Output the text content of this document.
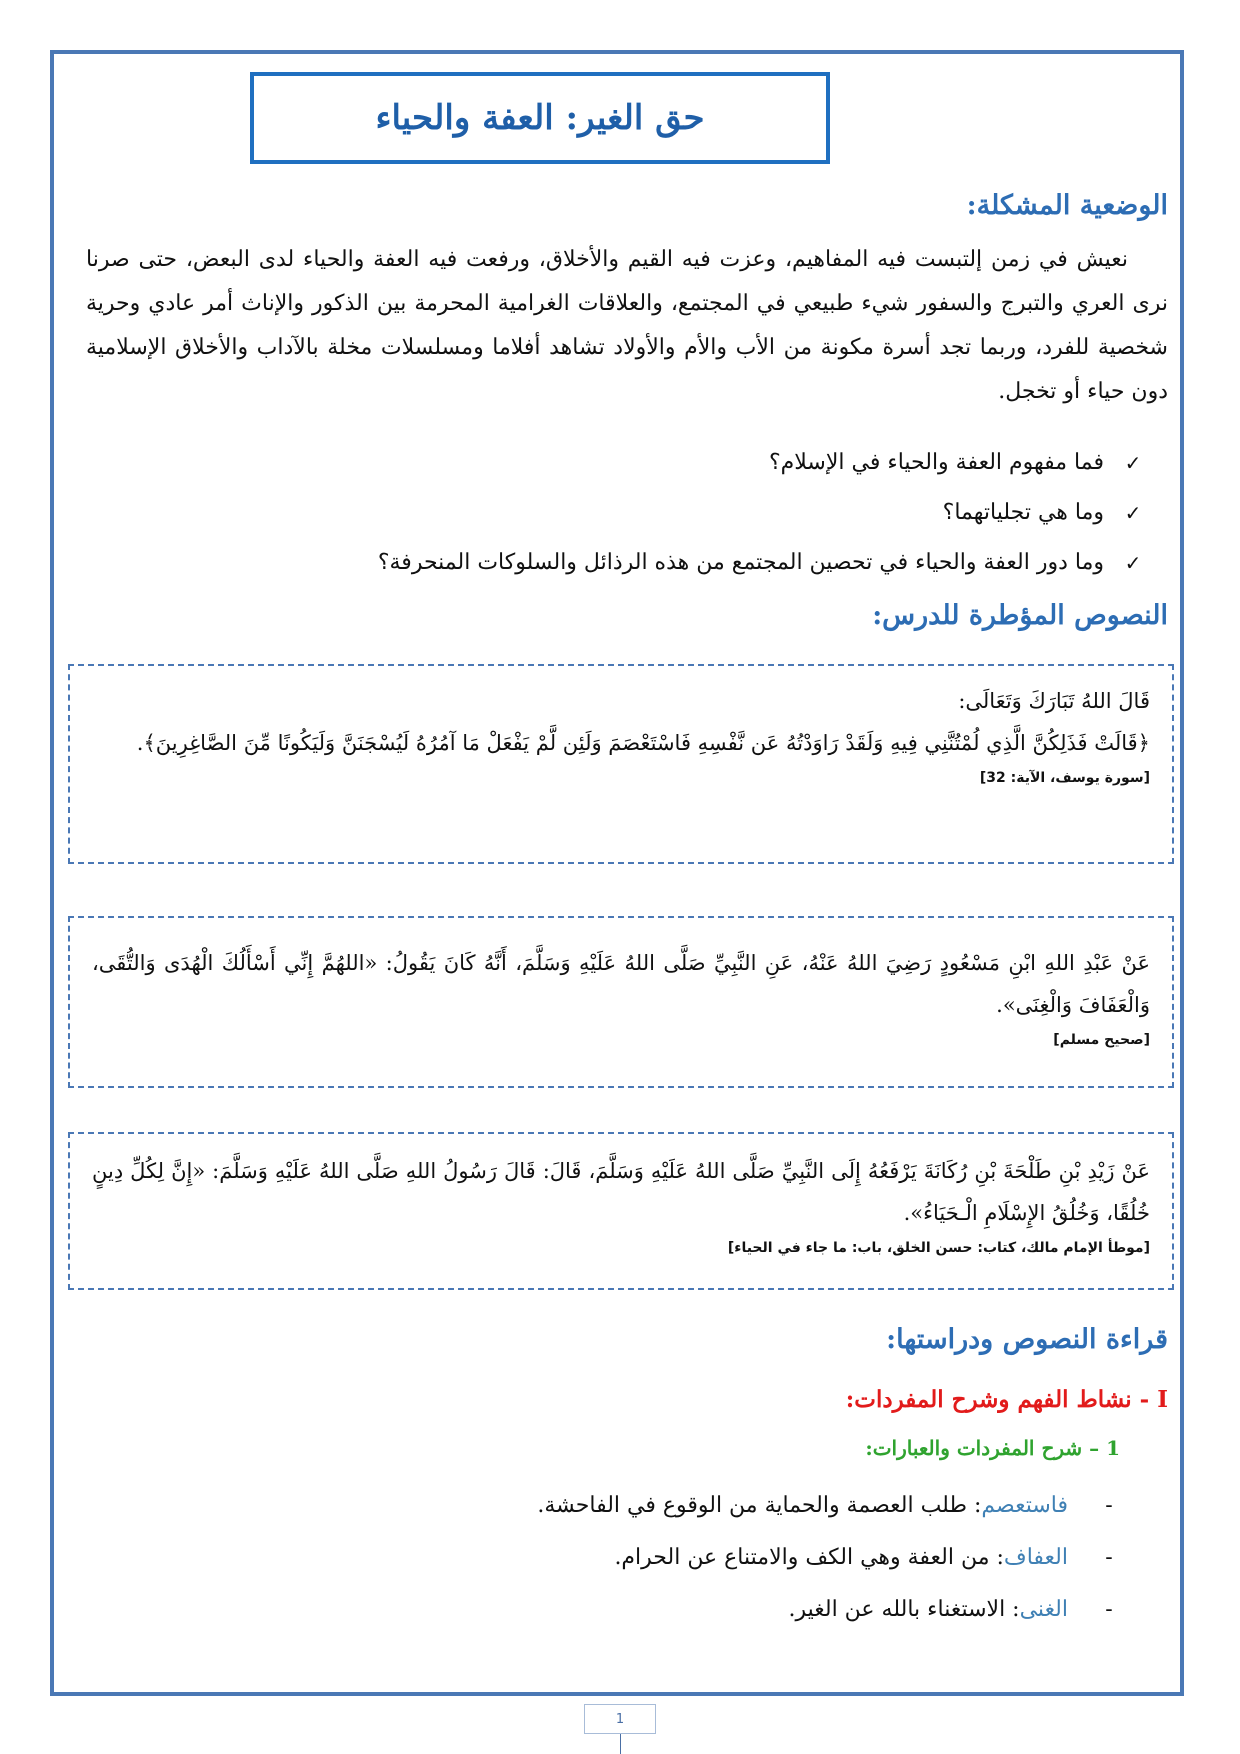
حق الغير: العفة والحياء
الوضعية المشكلة:

نعيش في زمن إلتبست فيه المفاهيم، وعزت فيه القيم والأخلاق، ورفعت فيه العفة والحياء لدى البعض، حتى صرنا نرى العري والتبرج والسفور شيء طبيعي في المجتمع، والعلاقات الغرامية المحرمة بين الذكور والإناث أمر عادي وحرية شخصية للفرد، وربما تجد أسرة مكونة من الأب والأم والأولاد تشاهد أفلاما ومسلسلات مخلة بالآداب والأخلاق الإسلامية دون حياء أو تخجل.

✓
فما مفهوم العفة والحياء في الإسلام؟
✓
وما هي تجلياتهما؟
✓
وما دور العفة والحياء في تحصين المجتمع من هذه الرذائل والسلوكات المنحرفة؟
النصوص المؤطرة للدرس:

قَالَ اللهُ تَبَارَكَ وَتَعَالَى:

﴿قَالَتْ فَذَلِكُنَّ الَّذِي لُمْتُنَّنِي فِيهِ وَلَقَدْ رَاوَدْتُهُ عَن نَّفْسِهِ فَاسْتَعْصَمَ وَلَئِن لَّمْ يَفْعَلْ مَا آمُرُهُ لَيُسْجَنَنَّ وَلَيَكُونًا مِّنَ الصَّاغِرِينَ﴾.

[سورة يوسف، الآية: 32]

عَنْ عَبْدِ اللهِ ابْنِ مَسْعُودٍ رَضِيَ اللهُ عَنْهُ، عَنِ النَّبِيِّ صَلَّى اللهُ عَلَيْهِ وَسَلَّمَ، أَنَّهُ كَانَ يَقُولُ: «اللهُمَّ إِنِّي أَسْأَلُكَ الْهُدَى وَالتُّقَى، وَالْعَفَافَ وَالْغِنَى».

[صحيح مسلم]

عَنْ زَيْدِ بْنِ طَلْحَةَ بْنِ رُكَانَةَ يَرْفَعُهُ إِلَى النَّبِيِّ صَلَّى اللهُ عَلَيْهِ وَسَلَّمَ، قَالَ: قَالَ رَسُولُ اللهِ صَلَّى اللهُ عَلَيْهِ وَسَلَّمَ: «إِنَّ لِكُلِّ دِينٍ خُلُقًا، وَخُلُقُ الإِسْلَامِ الْـحَيَاءُ».

[موطأ الإمام مالك، كتاب: حسن الخلق، باب: ما جاء في الحياء]
قراءة النصوص ودراستها:
I - نشاط الفهم وشرح المفردات:
1 – شرح المفردات والعبارات:
-فاستعصم: طلب العصمة والحماية من الوقوع في الفاحشة.
-العفاف: من العفة وهي الكف والامتناع عن الحرام.
-الغنى: الاستغناء بالله عن الغير.
1
